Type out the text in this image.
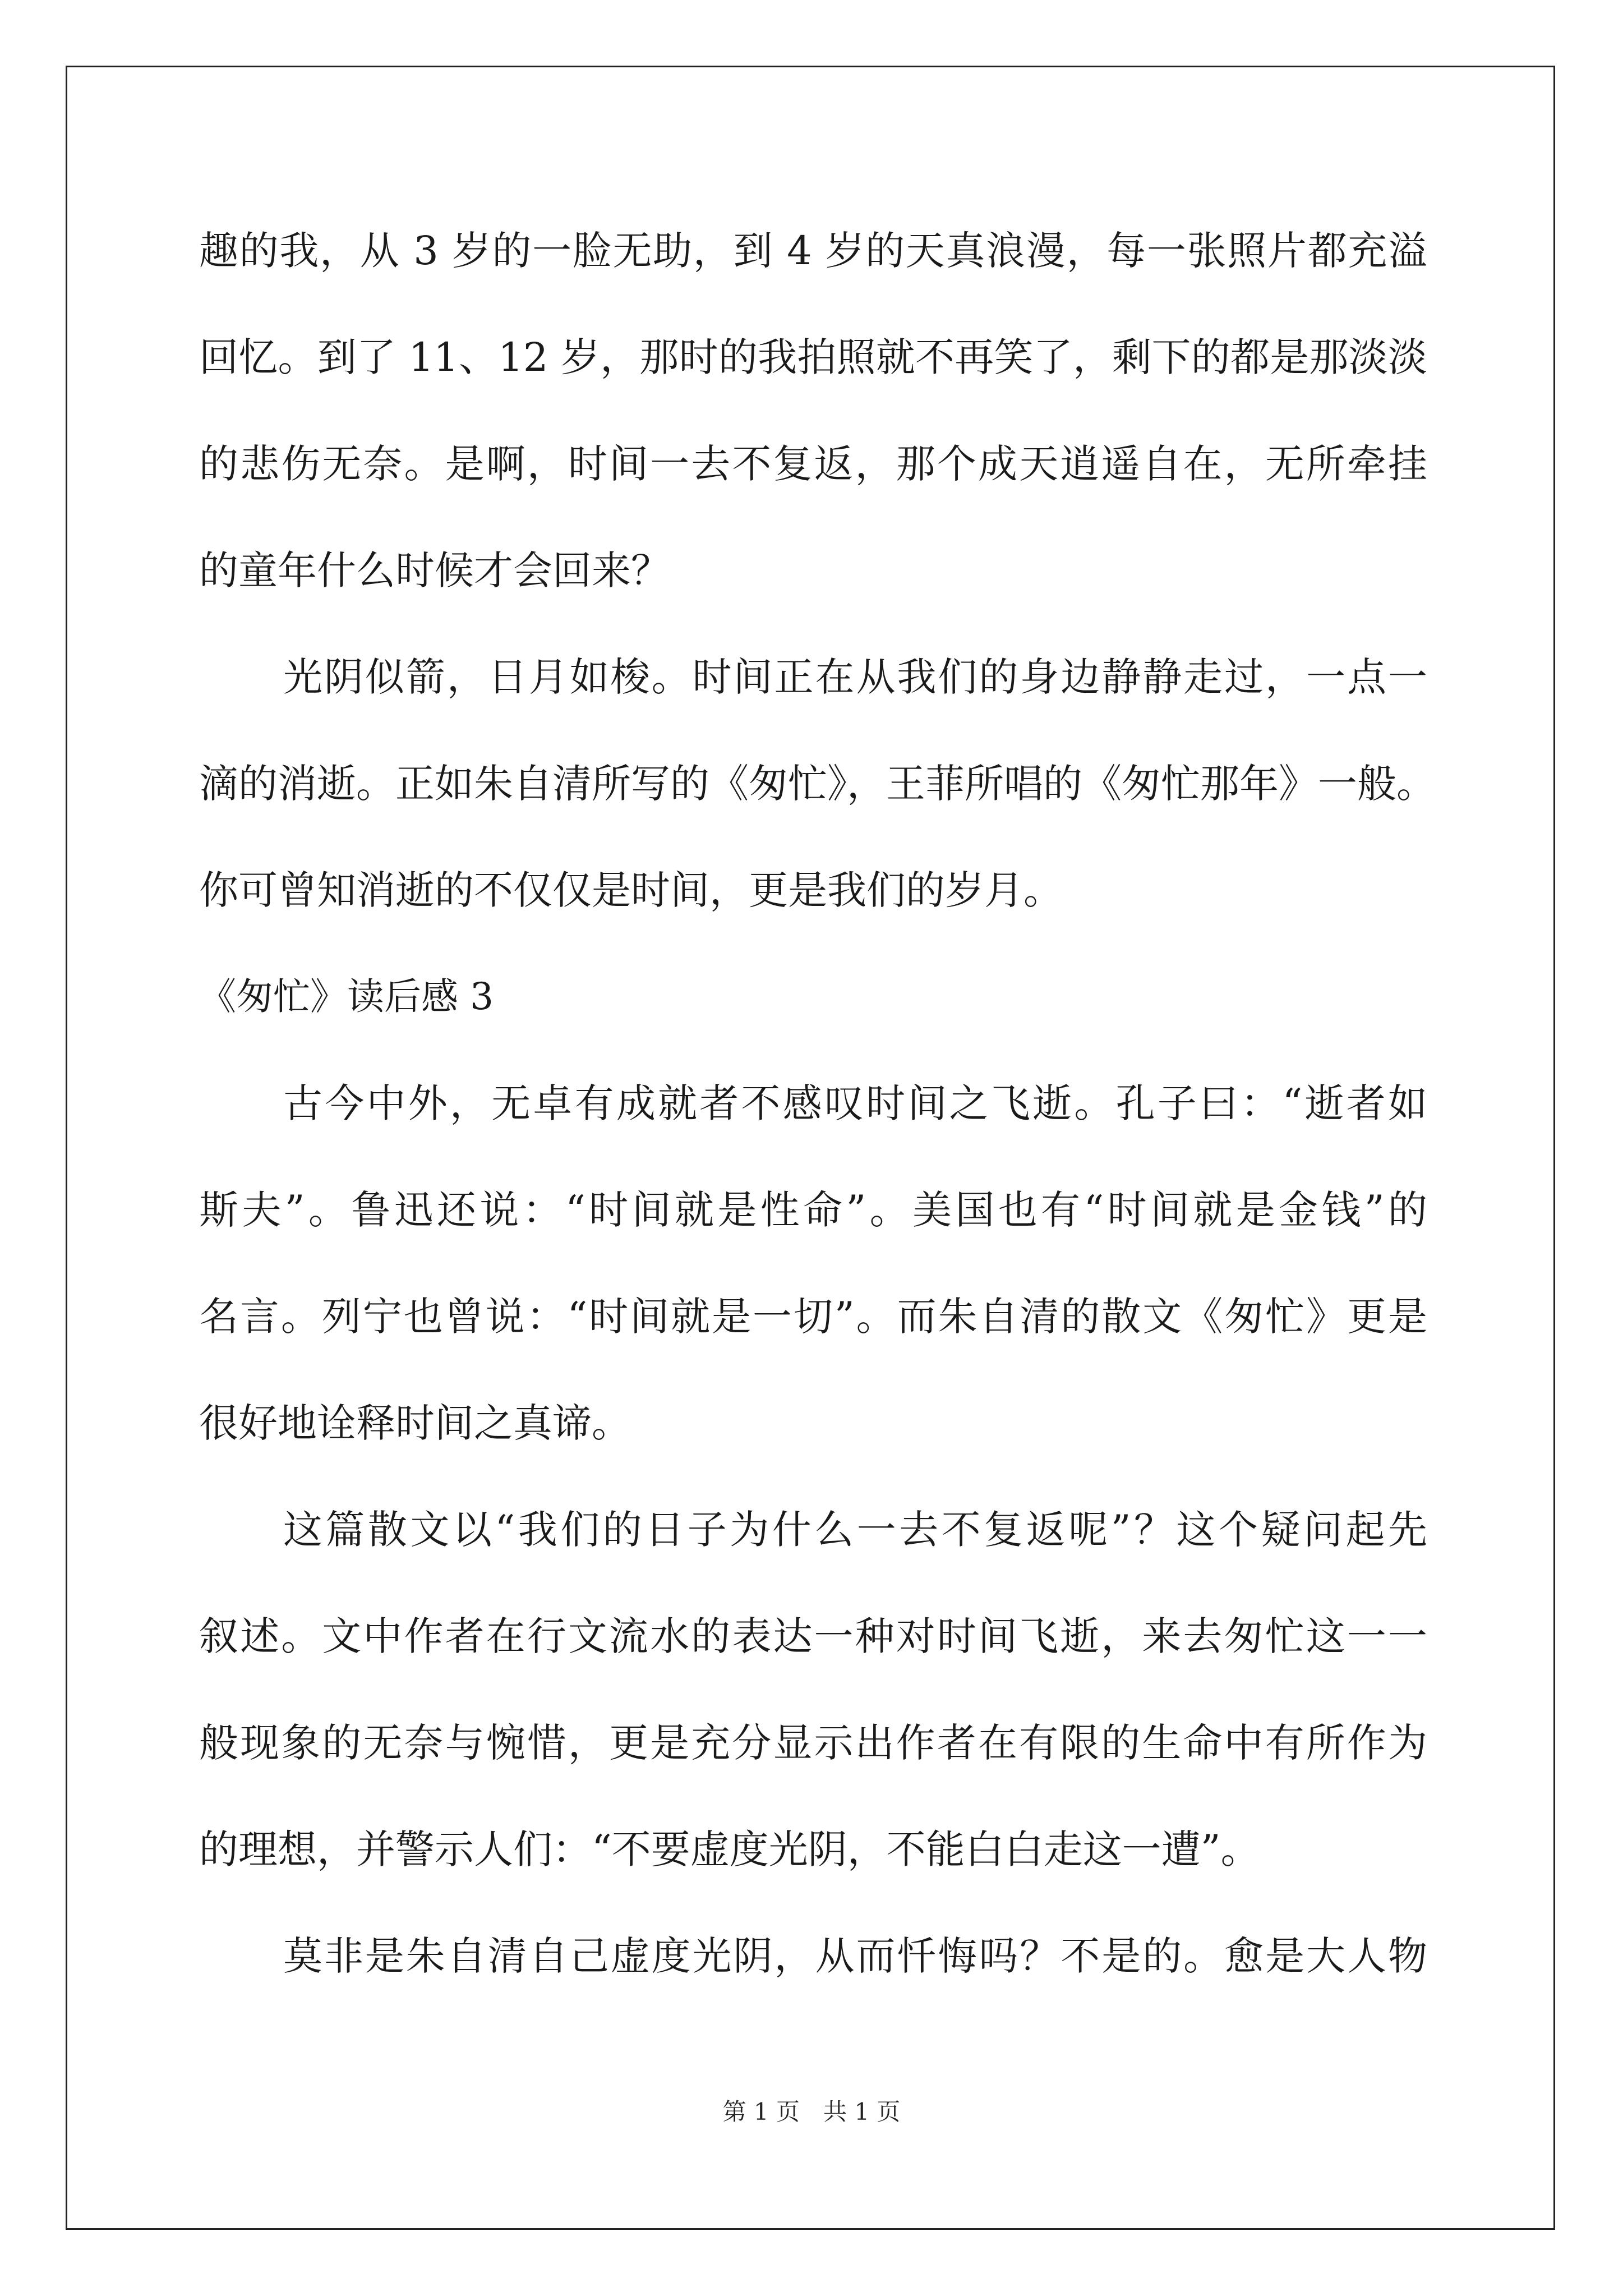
趣的我，从 3 岁的一脸无助，到 4 岁的天真浪漫，每一张照片都充溢
回忆。到了 11、12 岁，那时的我拍照就不再笑了，剩下的都是那淡淡
的悲伤无奈。是啊，时间一去不复返，那个成天逍遥自在，无所牵挂
的童年什么时候才会回来？
光阴似箭，日月如梭。时间正在从我们的身边静静走过，一点一
滴的消逝。正如朱自清所写的《匆忙》，王菲所唱的《匆忙那年》一般。
你可曾知消逝的不仅仅是时间，更是我们的岁月。
《匆忙》读后感 3
古今中外，无卓有成就者不感叹时间之飞逝。孔子曰：“逝者如
斯夫”。鲁迅还说：“时间就是性命”。美国也有“时间就是金钱”的
名言。列宁也曾说：“时间就是一切”。而朱自清的散文《匆忙》更是
很好地诠释时间之真谛。
这篇散文以“我们的日子为什么一去不复返呢”？这个疑问起先
叙述。文中作者在行文流水的表达一种对时间飞逝，来去匆忙这一一
般现象的无奈与惋惜，更是充分显示出作者在有限的生命中有所作为
的理想，并警示人们：“不要虚度光阴，不能白白走这一遭”。
莫非是朱自清自己虚度光阴，从而忏悔吗？不是的。愈是大人物
第 1 页　共 1 页
